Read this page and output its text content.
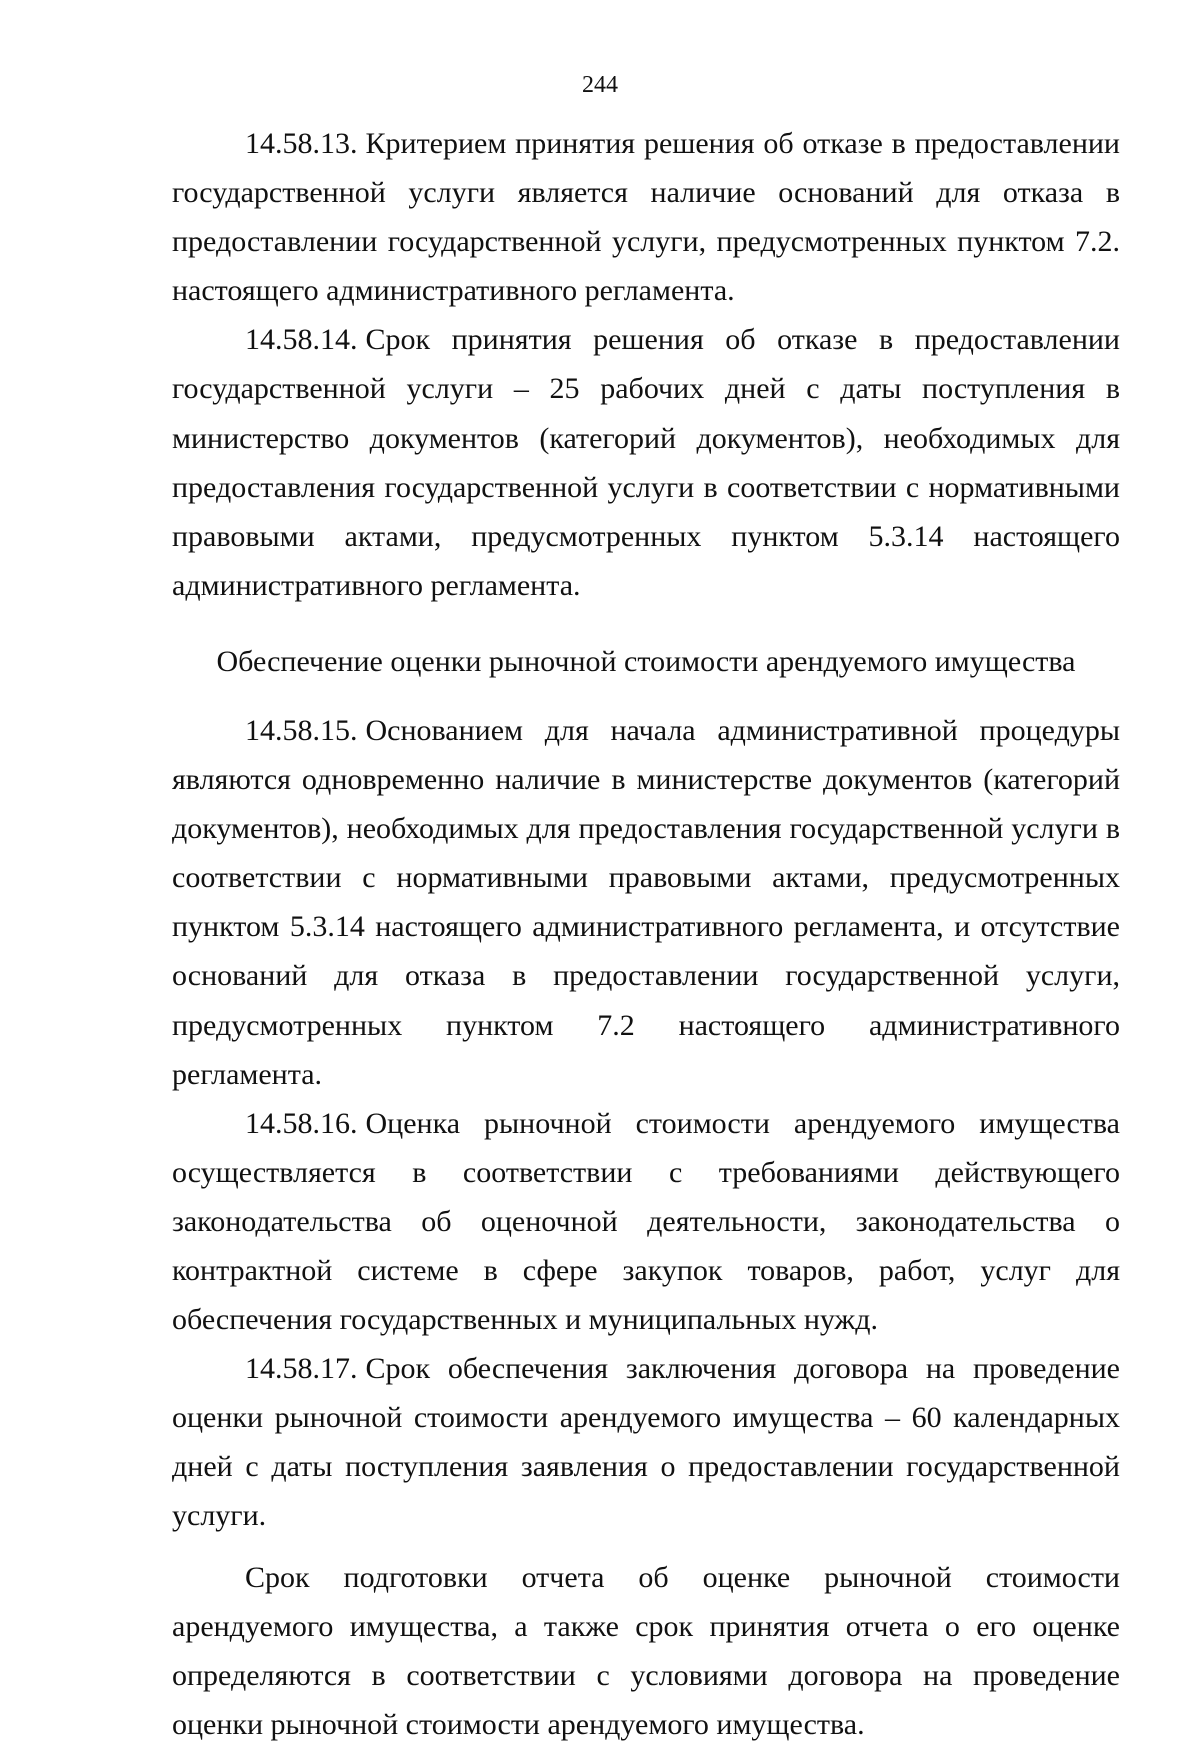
244

14.58.13. Критерием принятия решения об отказе в предоставлении государственной услуги является наличие оснований для отказа в предоставлении государственной услуги, предусмотренных пунктом 7.2. настоящего административного регламента.

14.58.14. Срок принятия решения об отказе в предоставлении государственной услуги – 25 рабочих дней с даты поступления в министерство документов (категорий документов), необходимых для предоставления государственной услуги в соответствии с нормативными правовыми актами, предусмотренных пунктом 5.3.14 настоящего административного регламента.

Обеспечение оценки рыночной стоимости арендуемого имущества

14.58.15. Основанием для начала административной процедуры являются одновременно наличие в министерстве документов (категорий документов), необходимых для предоставления государственной услуги в соответствии с нормативными правовыми актами, предусмотренных пунктом 5.3.14 настоящего административного регламента, и отсутствие оснований для отказа в предоставлении государственной услуги, предусмотренных пунктом 7.2 настоящего административного регламента.

14.58.16. Оценка рыночной стоимости арендуемого имущества осуществляется в соответствии с требованиями действующего законодательства об оценочной деятельности, законодательства о контрактной системе в сфере закупок товаров, работ, услуг для обеспечения государственных и муниципальных нужд.

14.58.17. Срок обеспечения заключения договора на проведение оценки рыночной стоимости арендуемого имущества – 60 календарных дней с даты поступления заявления о предоставлении государственной услуги.

Срок подготовки отчета об оценке рыночной стоимости арендуемого имущества, а также срок принятия отчета о его оценке определяются в соответствии с условиями договора на проведение оценки рыночной стоимости арендуемого имущества.
